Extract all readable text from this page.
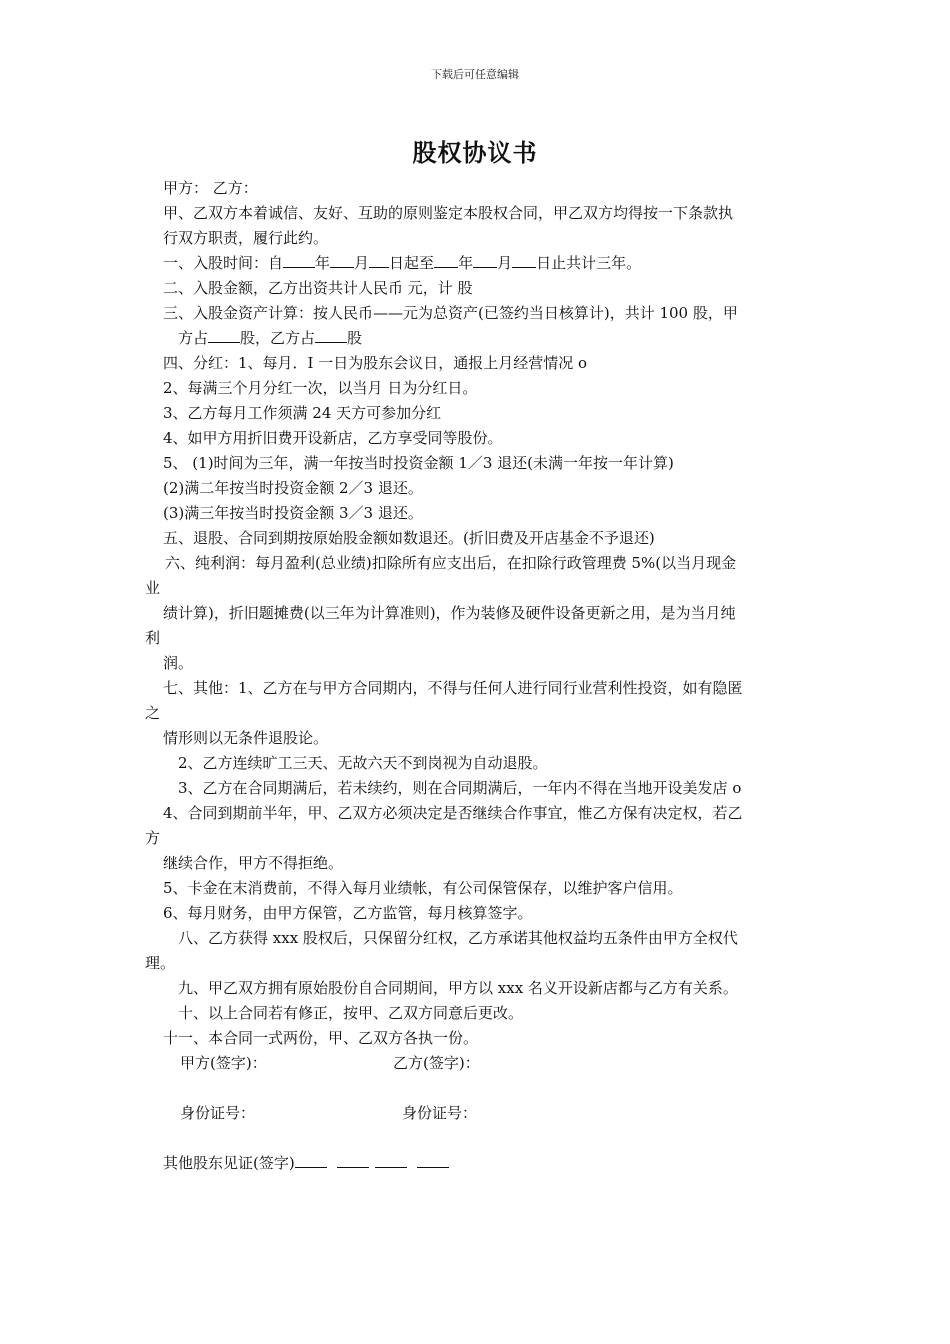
下载后可任意编辑
股权协议书
甲方： 乙方：
甲、乙双方本着诚信、友好、互助的原则鉴定本股权合同，甲乙双方均得按一下条款执
行双方职责，履行此约。
一、入股时间：自 年 月 日起至 年 月 日止共计三年。
二、入股金额，乙方出资共计人民币 元，计 股
三、入股金资产计算：按人民币——元为总资产(已签约当日核算计)，共计 100 股，甲
方占 股，乙方占 股
四、分红：1、每月．I 一日为股东会议日，通报上月经营情况 o
2、每满三个月分红一次，以当月 日为分红日。
3、乙方每月工作须满 24 天方可参加分红
4、如甲方用折旧费开设新店，乙方享受同等股份。
5、 (1)时间为三年，满一年按当时投资金额 1／3 退还(未满一年按一年计算)
(2)满二年按当时投资金额 2／3 退还。
(3)满三年按当时投资金额 3／3 退还。
五、退股、合同到期按原始股金额如数退还。(折旧费及开店基金不予退还)
六、纯利润：每月盈利(总业绩)扣除所有应支出后，在扣除行政管理费 5%(以当月现金
业
绩计算)，折旧题摊费(以三年为计算准则)，作为装修及硬件设备更新之用，是为当月纯
利
润。
七、其他：1、乙方在与甲方合同期内，不得与任何人进行同行业营利性投资，如有隐匿
之
情形则以无条件退股论。
2、乙方连续旷工三天、无故六天不到岗视为自动退股。
3、乙方在合同期满后，若未续约，则在合同期满后，一年内不得在当地开设美发店 o
4、合同到期前半年，甲、乙双方必须决定是否继续合作事宜，惟乙方保有决定权，若乙
方
继续合作，甲方不得拒绝。
5、卡金在末消费前，不得入每月业绩帐，有公司保管保存，以维护客户信用。
6、每月财务，由甲方保管，乙方监管，每月核算签字。
八、乙方获得 xxx 股权后，只保留分红权，乙方承诺其他权益均五条件由甲方全权代
理。
九、甲乙双方拥有原始股份自合同期间，甲方以 xxx 名义开设新店都与乙方有关系。
十、以上合同若有修正，按甲、乙双方同意后更改。
十一、本合同一式两份，甲、乙双方各执一份。
甲方(签字)：	乙方(签字)：
身份证号：	身份证号：
其他股东见证(签字)
